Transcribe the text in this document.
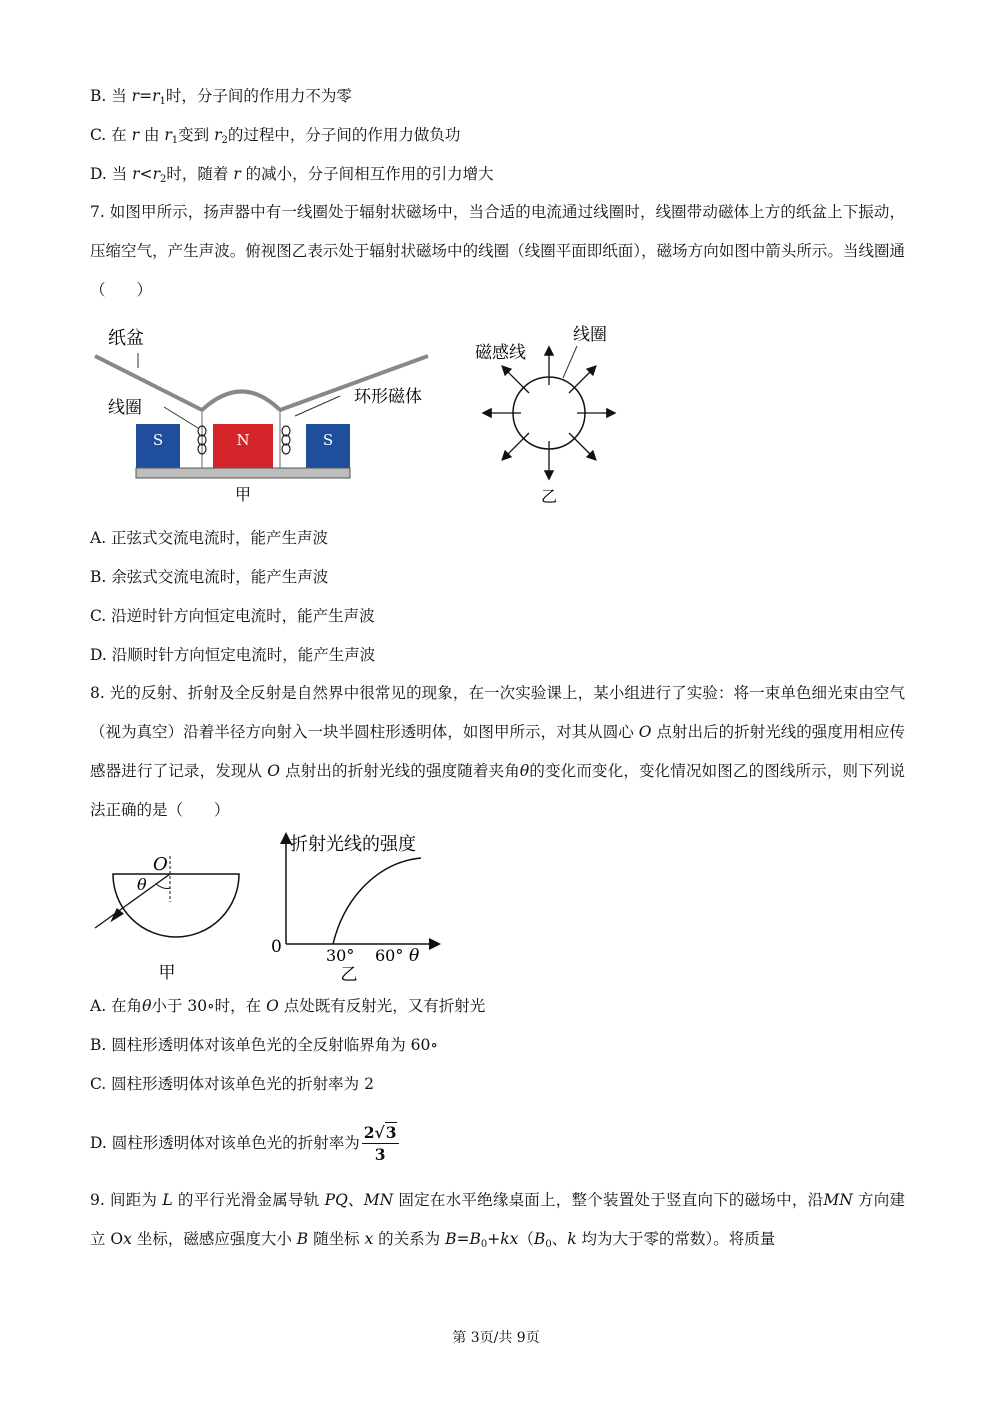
B. 当 $r=r_1$时，分子间的作用力不为零
C. 在 r 由 $r_1$变到 $r_2$的过程中，分子间的作用力做负功
D. 当 $r<r_2$时，随着 r 的减小，分子间相互作用的引力增大
7. 如图甲所示，扬声器中有一线圈处于辐射状磁场中，当合适的电流通过线圈时，线圈带动磁体上方的纸盆上下振动，压缩空气，产生声波。俯视图乙表示处于辐射状磁场中的线圈（线圈平面即纸面），磁场方向如图中箭头所示。当线圈通　（　　）
纸盆
线圈
环形磁体
S	N	S
甲
磁感线
线圈
乙
A. 正弦式交流电流时，能产生声波
B. 余弦式交流电流时，能产生声波
C. 沿逆时针方向恒定电流时，能产生声波
D. 沿顺时针方向恒定电流时，能产生声波
8. 光的反射、折射及全反射是自然界中很常见的现象，在一次实验课上，某小组进行了实验：将一束单色细光束由空气（视为真空）沿着半径方向射入一块半圆柱形透明体，如图甲所示，对其从圆心 O 点射出后的折射光线的强度用相应传感器进行了记录，发现从 O 点射出的折射光线的强度随着夹角θ的变化而变化，变化情况如图乙的图线所示，则下列说法正确的是（　　）
O
θ
甲
折射光线的强度
0	30° 60° θ
乙
A. 在角θ小于 30∘时，在 O 点处既有反射光，又有折射光
B. 圆柱形透明体对该单色光的全反射临界角为 60∘
C. 圆柱形透明体对该单色光的折射率为 2
D. 圆柱形透明体对该单色光的折射率为 $\frac{2√3}{3}$
9. 间距为 L 的平行光滑金属导轨 PQ、MN 固定在水平绝缘桌面上，整个装置处于竖直向下的磁场中，沿MN 方向建立 Ox 坐标，磁感应强度大小 B 随坐标 x 的关系为 $B=B_0+kx(B_0$、k 均为大于零的常数）。将质量
第 3页/共 9页
